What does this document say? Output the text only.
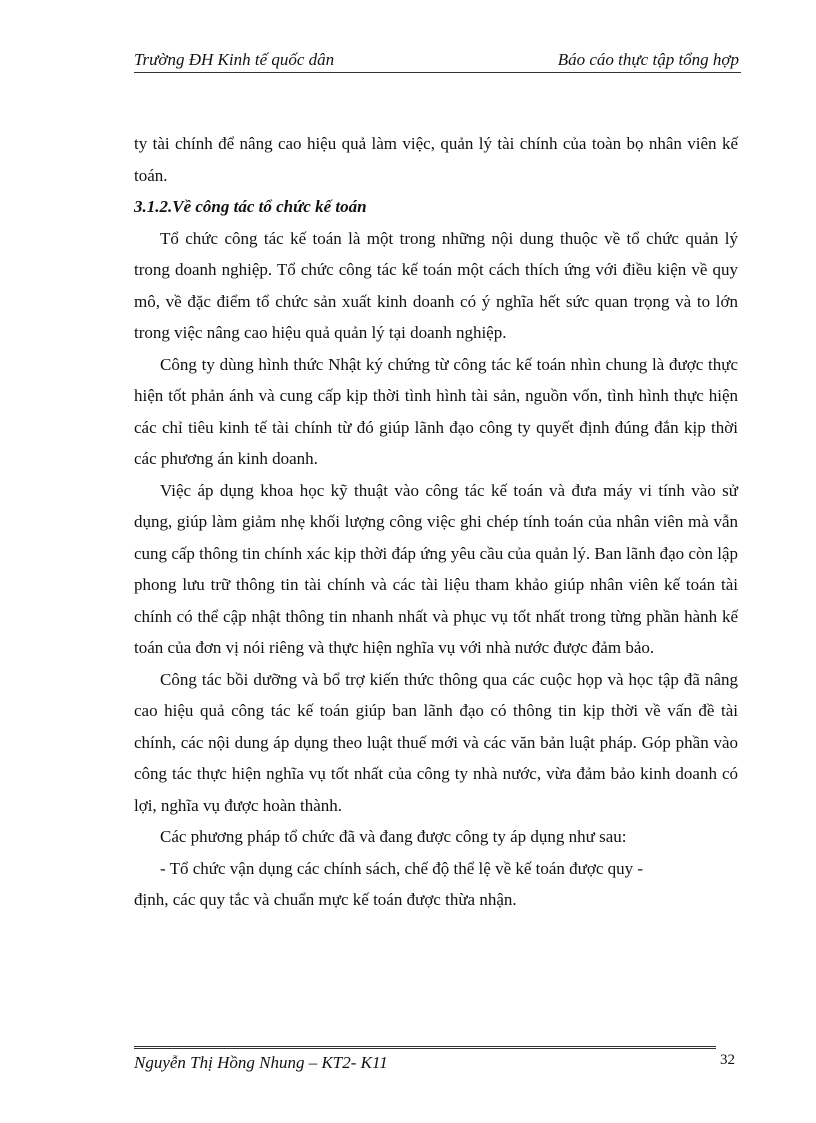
Trường ĐH Kinh tế quốc dân	Báo cáo thực tập tổng hợp

ty tài chính để nâng cao hiệu quả làm việc, quản lý tài chính của toàn bọ nhân viên kế toán.

3.1.2.Về công tác tổ chức kế toán

Tổ chức công tác kế toán là một trong những nội dung thuộc về tổ chức quản lý trong doanh nghiệp. Tổ chức công tác kế toán một cách thích ứng với điều kiện về quy mô, về đặc điểm tổ chức sản xuất kinh doanh có ý nghĩa hết sức quan trọng và to lớn trong việc nâng cao hiệu quả quản lý tại doanh nghiệp.

Công ty dùng hình thức Nhật ký chứng từ công tác kế toán nhìn chung là được thực hiện tốt phản ánh và cung cấp kịp thời tình hình tài sản, nguồn vốn, tình hình thực hiện các chỉ tiêu kinh tế tài chính từ đó giúp lãnh đạo công ty quyết định đúng đắn kịp thời các phương án kinh doanh.

Việc áp dụng khoa học kỹ thuật vào công tác kế toán và đưa máy vi tính vào sử dụng, giúp làm giảm nhẹ khối lượng công việc ghi chép tính toán của nhân viên mà vẫn cung cấp thông tin chính xác kịp thời đáp ứng yêu cầu của quản lý. Ban lãnh đạo còn lập phong lưu trữ thông tin tài chính và các tài liệu tham khảo giúp nhân viên kế toán tài chính có thể cập nhật thông tin nhanh nhất và phục vụ tốt nhất trong từng phần hành kế toán của đơn vị nói riêng và thực hiện nghĩa vụ với nhà nước được đảm bảo.

Công tác bồi dưỡng và bổ trợ kiến thức thông qua các cuộc họp và học tập đã nâng cao hiệu quả công tác kế toán giúp ban lãnh đạo có thông tin kịp thời về vấn đề tài chính, các nội dung áp dụng theo luật thuế mới và các văn bản luật pháp. Góp phần vào công tác thực hiện nghĩa vụ tốt nhất của công ty nhà nước, vừa đảm bảo kinh doanh có lợi, nghĩa vụ được hoàn thành.

Các phương pháp tổ chức đã và đang được công ty áp dụng như sau:

- Tổ chức vận dụng các chính sách, chế độ thể lệ về kế toán được quy -

định, các quy tắc và chuẩn mực kế toán được thừa nhận.

Nguyễn Thị Hồng Nhung – KT2- K11	32
